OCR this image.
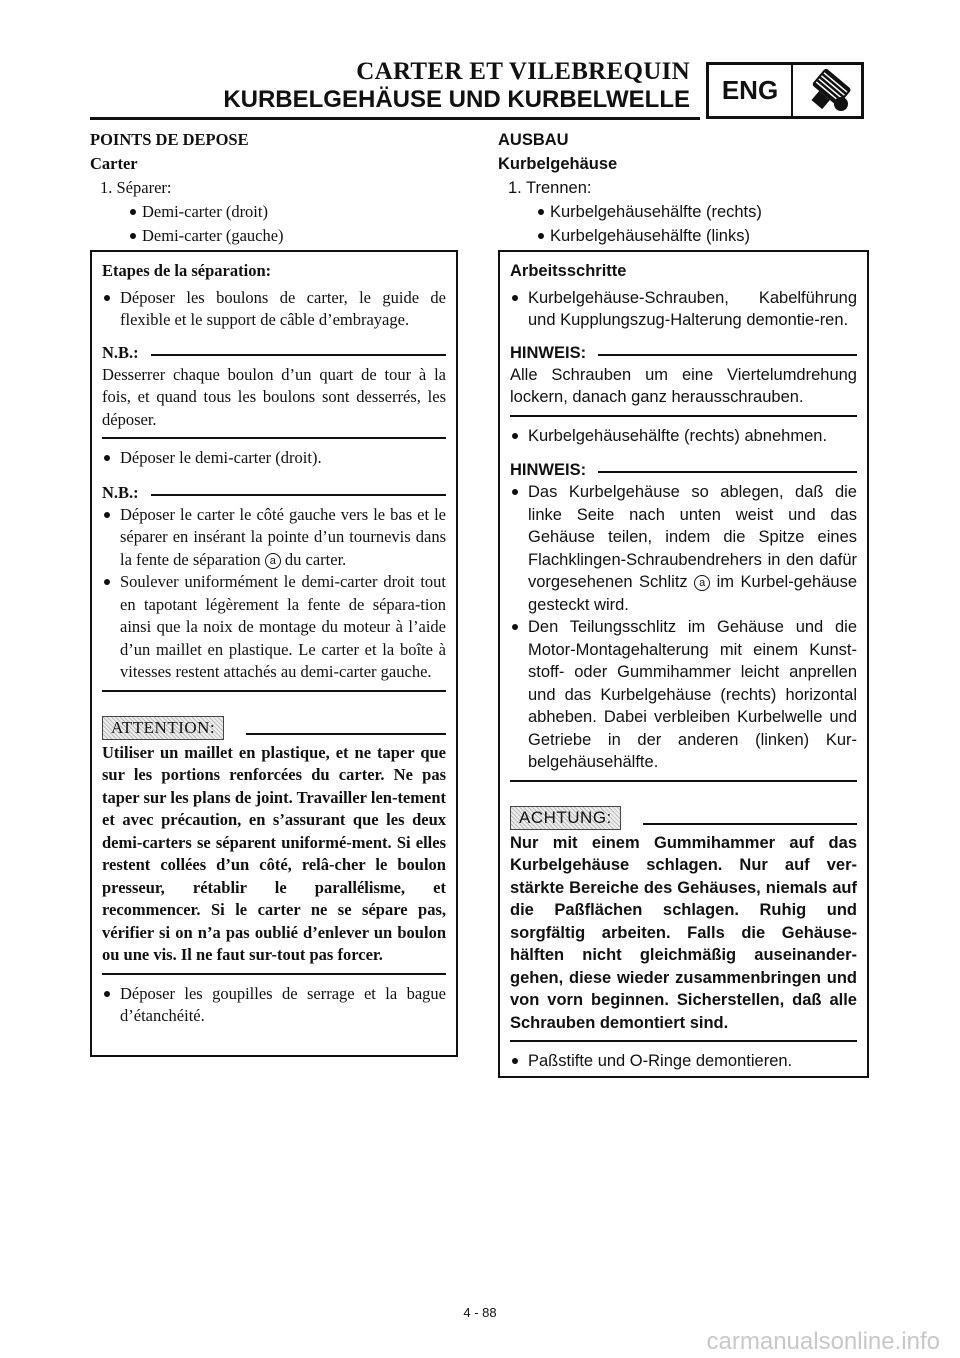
CARTER ET VILEBREQUIN
KURBELGEHÄUSE UND KURBELWELLE	ENG
POINTS DE DEPOSE
Carter
1. Séparer:
Demi-carter (droit)
Demi-carter (gauche)
AUSBAU
Kurbelgehäuse
1. Trennen:
Kurbelgehäusehälfte (rechts)
Kurbelgehäusehälfte (links)

Etapes de la séparation:

Déposer les boulons de carter, le guide de flexible et le support de câble d’embrayage.
N.B.:

Desserrer chaque boulon d’un quart de tour à la fois, et quand tous les boulons sont desserrés, les déposer.

Déposer le demi-carter (droit).
N.B.:
Déposer le carter le côté gauche vers le bas et le séparer en insérant la pointe d’un tournevis dans la fente de séparation a du carter.
Soulever uniformément le demi-carter droit tout en tapotant légèrement la fente de sépara-tion ainsi que la noix de montage du moteur à l’aide d’un maillet en plastique. Le carter et la boîte à vitesses restent attachés au demi-carter gauche.
ATTENTION:

Utiliser un maillet en plastique, et ne taper que sur les portions renforcées du carter. Ne pas taper sur les plans de joint. Travailler len-tement et avec précaution, en s’assurant que les deux demi-carters se séparent uniformé-ment. Si elles restent collées d’un côté, relâ-cher le boulon presseur, rétablir le parallélisme, et recommencer. Si le carter ne se sépare pas, vérifier si on n’a pas oublié d’enlever un boulon ou une vis. Il ne faut sur-tout pas forcer.

Déposer les goupilles de serrage et la bague d’étanchéité.

Arbeitsschritte

Kurbelgehäuse-Schrauben, Kabelführung und Kupplungszug-Halterung demontie-ren.
HINWEIS:

Alle Schrauben um eine Viertelumdrehung lockern, danach ganz herausschrauben.

Kurbelgehäusehälfte (rechts) abnehmen.
HINWEIS:
Das Kurbelgehäuse so ablegen, daß die linke Seite nach unten weist und das Gehäuse teilen, indem die Spitze eines Flachklingen-Schraubendrehers in den dafür vorgesehenen Schlitz a im Kurbel-gehäuse gesteckt wird.
Den Teilungsschlitz im Gehäuse und die Motor-Montagehalterung mit einem Kunst-stoff- oder Gummihammer leicht anprellen und das Kurbelgehäuse (rechts) horizontal abheben. Dabei verbleiben Kurbelwelle und Getriebe in der anderen (linken) Kur-belgehäusehälfte.
ACHTUNG:

Nur mit einem Gummihammer auf das Kurbelgehäuse schlagen. Nur auf ver-stärkte Bereiche des Gehäuses, niemals auf die Paßflächen schlagen. Ruhig und sorgfältig arbeiten. Falls die Gehäuse-hälften nicht gleichmäßig auseinander-gehen, diese wieder zusammenbringen und von vorn beginnen. Sicherstellen, daß alle Schrauben demontiert sind.

Paßstifte und O-Ringe demontieren.
4 - 88
carmanualsonline.info
